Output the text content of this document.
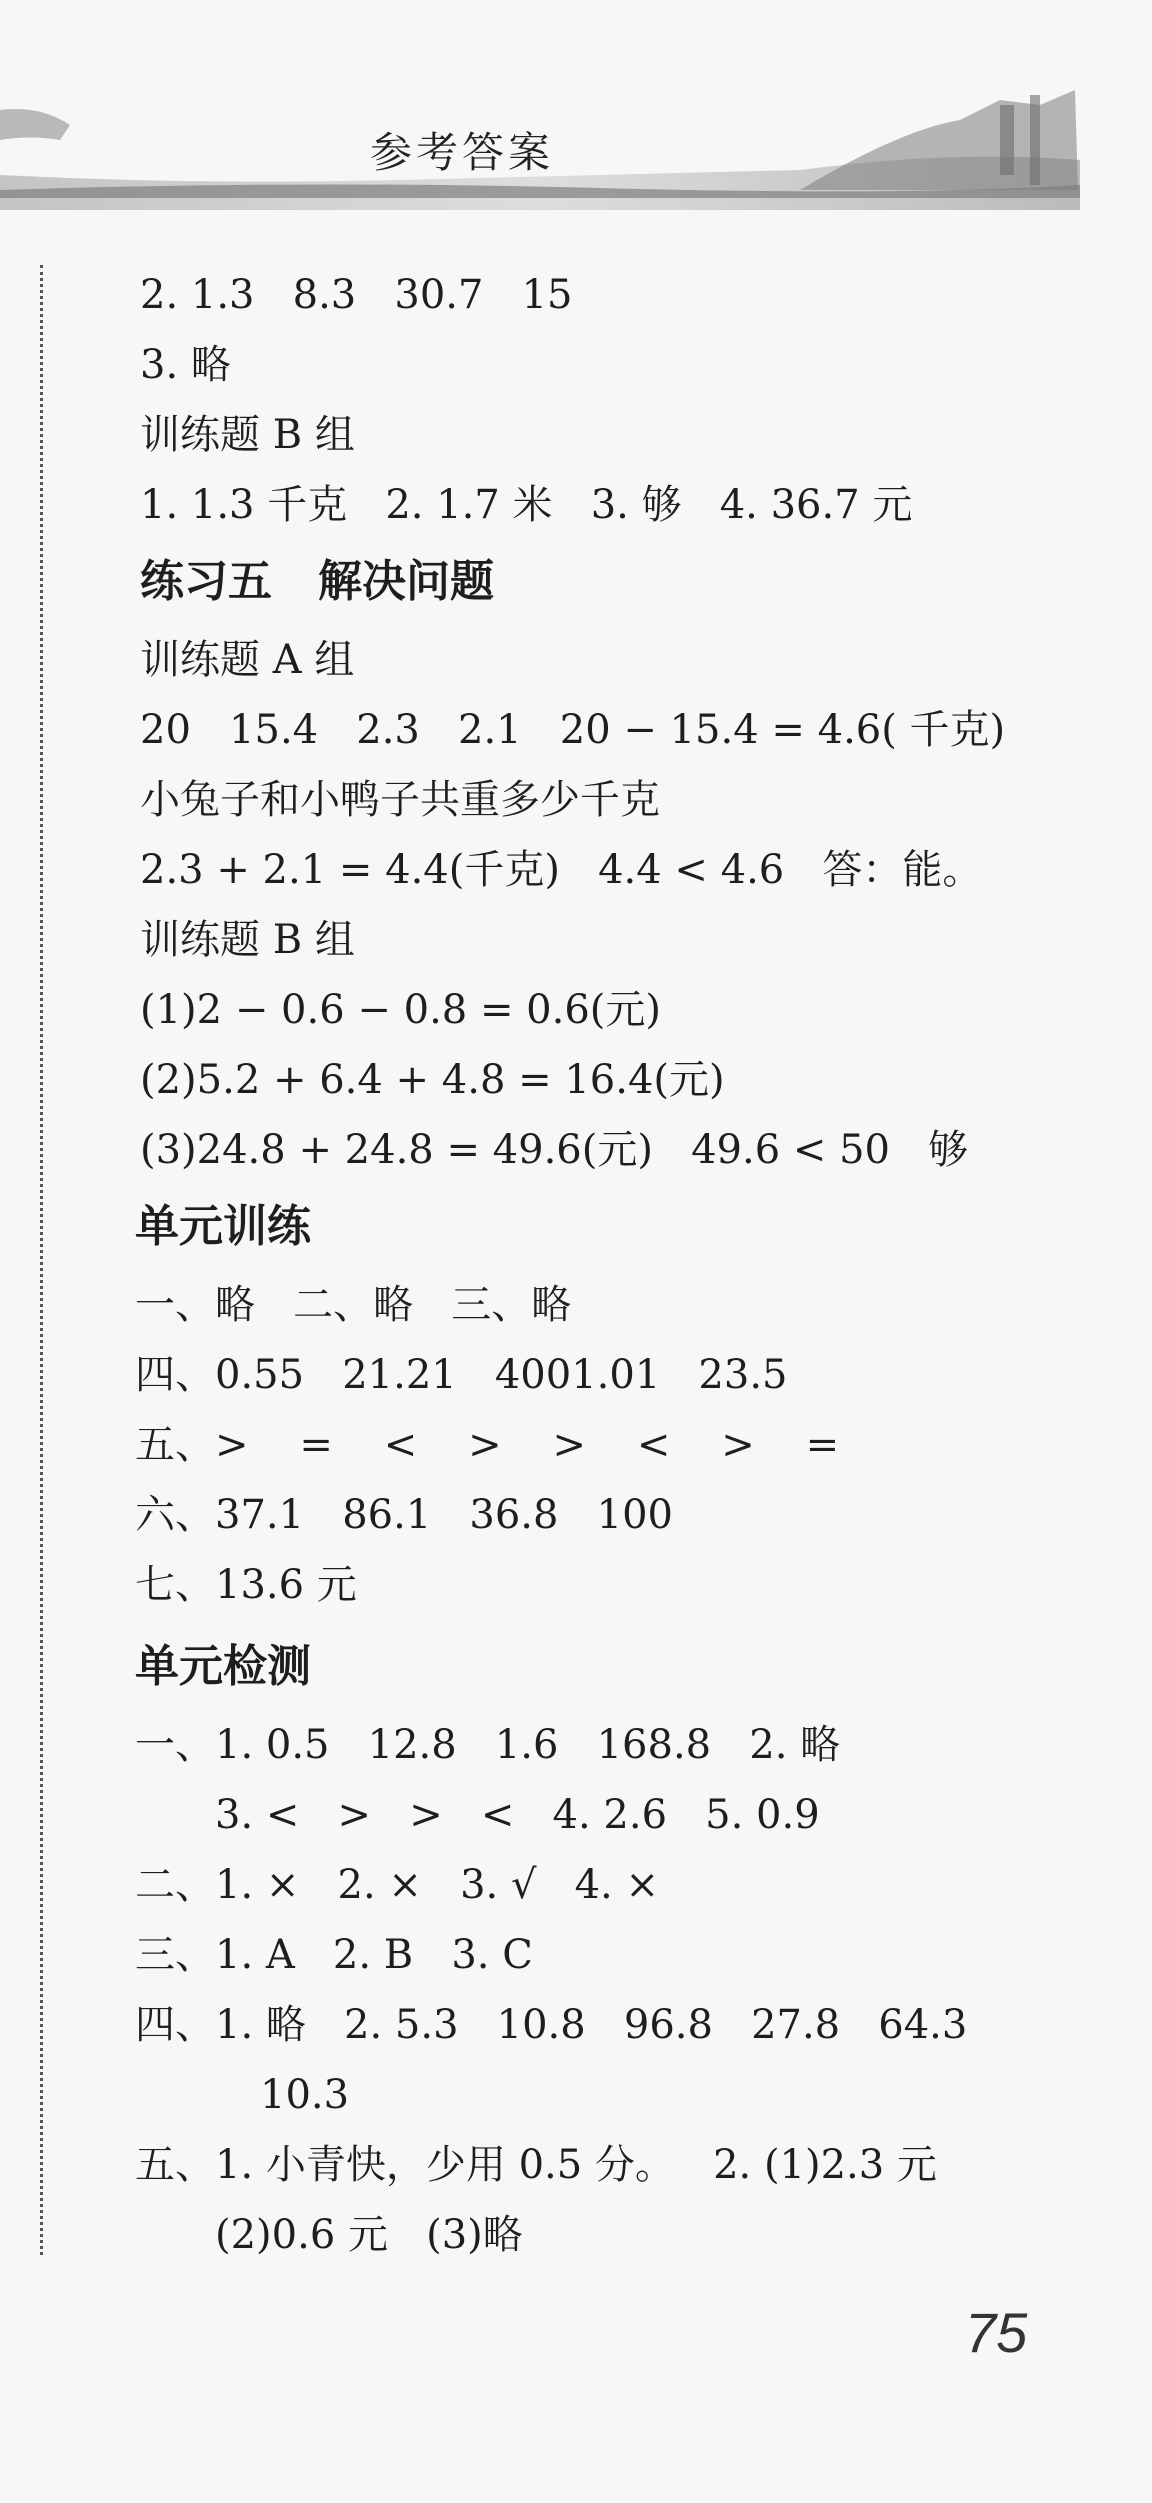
参考答案
2. 1.3   8.3   30.7   15
3. 略
训练题 B 组
1. 1.3 千克   2. 1.7 米   3. 够   4. 36.7 元
练习五   解决问题
训练题 A 组
20   15.4   2.3   2.1   20 − 15.4 = 4.6( 千克)
小兔子和小鸭子共重多少千克
2.3 + 2.1 = 4.4(千克)   4.4 < 4.6   答：能。
训练题 B 组
(1)2 − 0.6 − 0.8 = 0.6(元)
(2)5.2 + 6.4 + 4.8 = 16.4(元)
(3)24.8 + 24.8 = 49.6(元)   49.6 < 50   够
单元训练
一、略   二、略   三、略
四、0.55   21.21   4001.01   23.5
五、>    =    <    >    >    <    >    =
六、37.1   86.1   36.8   100
七、13.6 元
单元检测
一、1. 0.5   12.8   1.6   168.8   2. 略
3. <   >   >   <   4. 2.6   5. 0.9
二、1. ×   2. ×   3. √   4. ×
三、1. A   2. B   3. C
四、1. 略   2. 5.3   10.8   96.8   27.8   64.3
10.3
五、1. 小青快，少用 0.5 分。   2. (1)2.3 元
(2)0.6 元   (3)略
75
